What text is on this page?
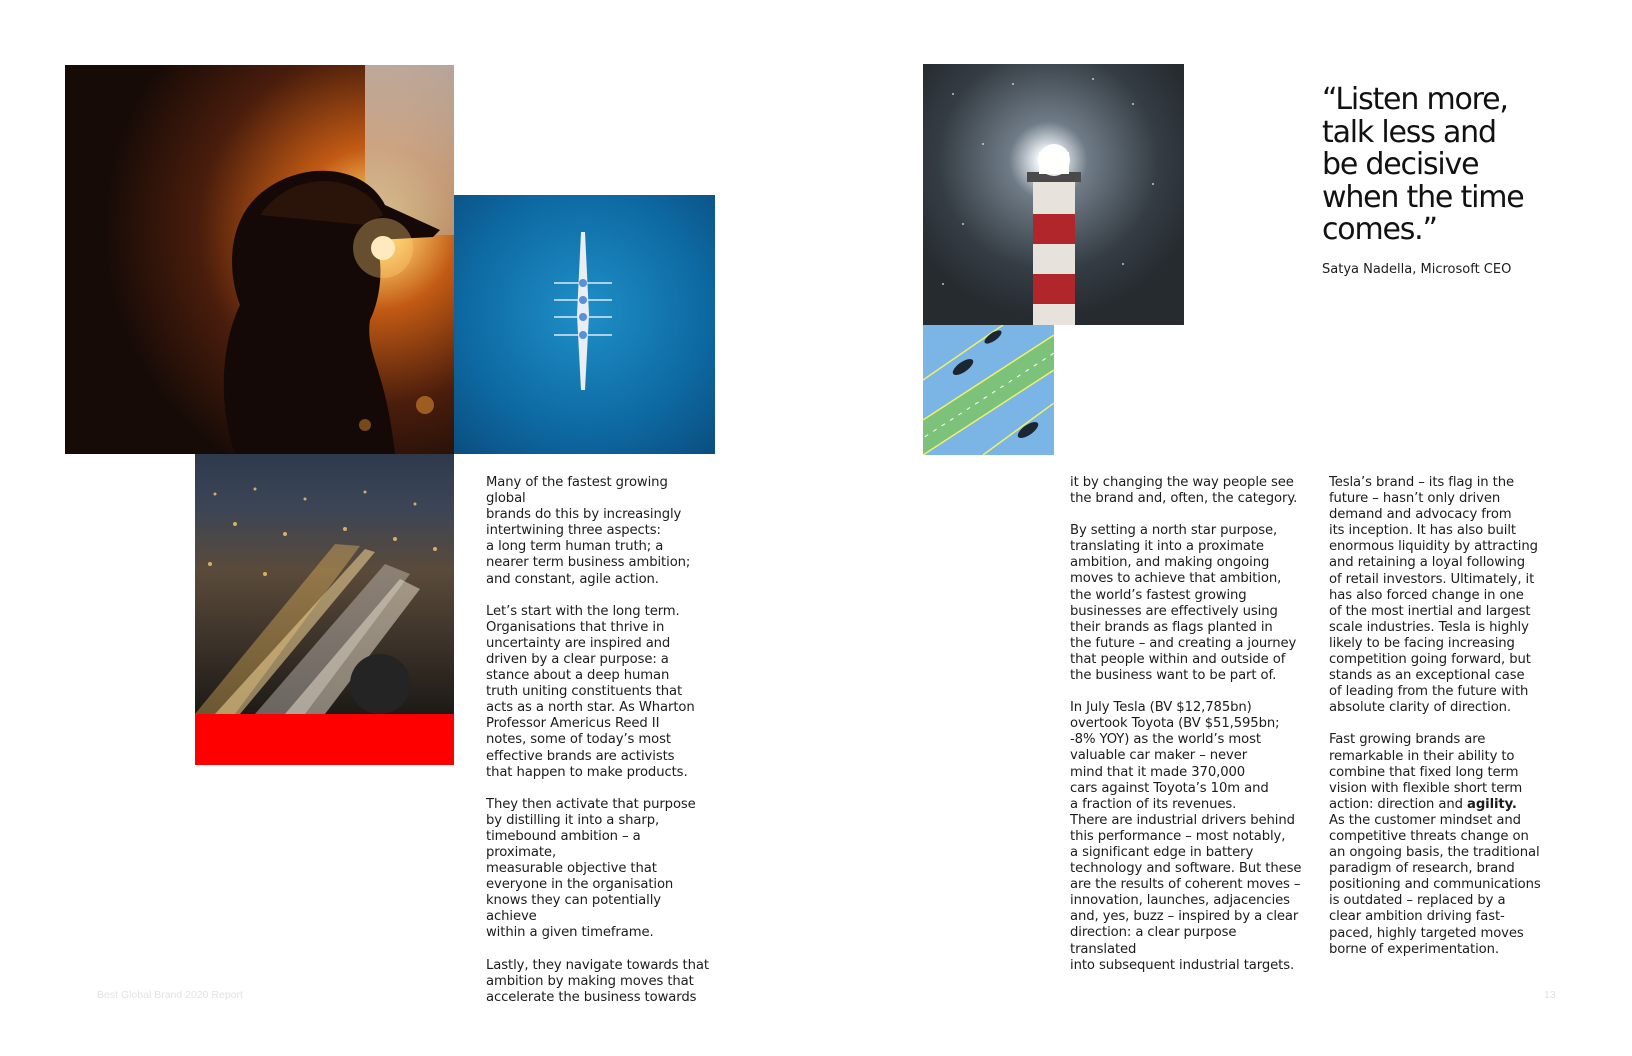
Many of the fastest growing global
brands do this by increasingly
intertwining three aspects:
a long term human truth; a
nearer term business ambition;
and constant, agile action.

Let’s start with the long term.
Organisations that thrive in
uncertainty are inspired and
driven by a clear purpose: a
stance about a deep human
truth uniting constituents that
acts as a north star. As Wharton
Professor Americus Reed II
notes, some of today’s most
effective brands are activists
that happen to make products.

They then activate that purpose
by distilling it into a sharp,
timebound ambition – a proximate,
measurable objective that
everyone in the organisation
knows they can potentially achieve
within a given timeframe.

Lastly, they navigate towards that
ambition by making moves that
accelerate the business towards

Best Global Brand 2020 Report
“Listen more,
talk less and
be decisive
when the time
comes.”
Satya Nadella, Microsoft CEO

it by changing the way people see
the brand and, often, the category.

By setting a north star purpose,
translating it into a proximate
ambition, and making ongoing
moves to achieve that ambition,
the world’s fastest growing
businesses are effectively using
their brands as flags planted in
the future – and creating a journey
that people within and outside of
the business want to be part of.

In July Tesla (BV $12,785bn)
overtook Toyota (BV $51,595bn;
-8% YOY) as the world’s most
valuable car maker – never
mind that it made 370,000
cars against Toyota’s 10m and
a fraction of its revenues.
There are industrial drivers behind
this performance – most notably,
a significant edge in battery
technology and software. But these
are the results of coherent moves –
innovation, launches, adjacencies
and, yes, buzz – inspired by a clear
direction: a clear purpose translated
into subsequent industrial targets.

Tesla’s brand – its flag in the
future – hasn’t only driven
demand and advocacy from
its inception. It has also built
enormous liquidity by attracting
and retaining a loyal following
of retail investors. Ultimately, it
has also forced change in one
of the most inertial and largest
scale industries. Tesla is highly
likely to be facing increasing
competition going forward, but
stands as an exceptional case
of leading from the future with
absolute clarity of direction.

Fast growing brands are
remarkable in their ability to
combine that fixed long term
vision with flexible short term
action: direction and agility.
As the customer mindset and
competitive threats change on
an ongoing basis, the traditional
paradigm of research, brand
positioning and communications
is outdated – replaced by a
clear ambition driving fast-
paced, highly targeted moves
borne of experimentation.

13
